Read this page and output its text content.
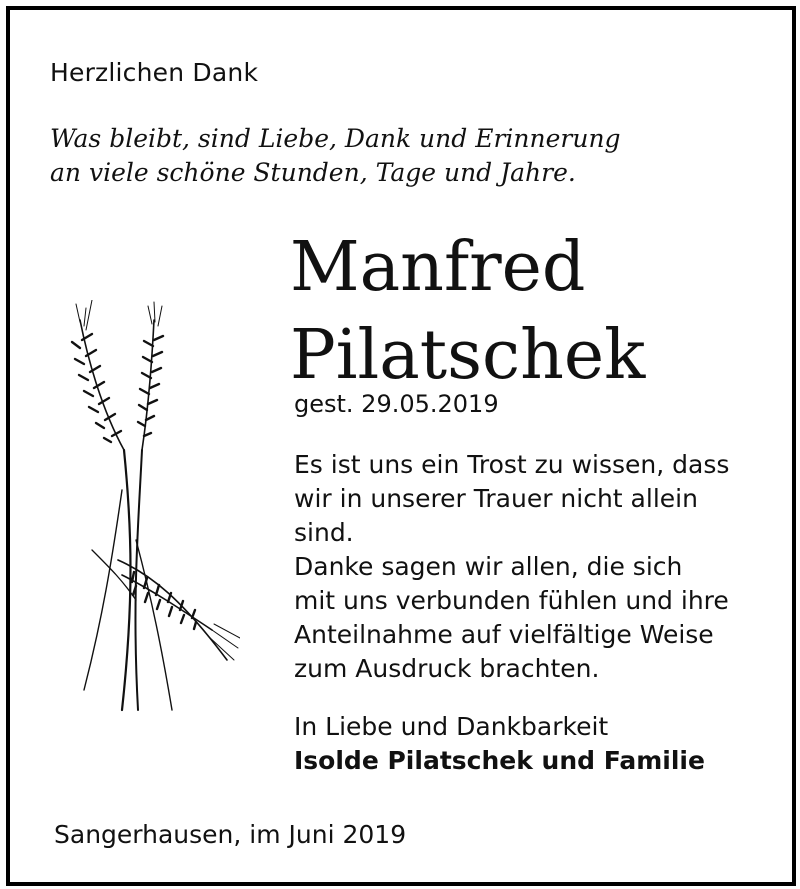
Herzlichen Dank
Was bleibt, sind Liebe, Dank und Erinnerung
an viele schöne Stunden, Tage und Jahre.
Manfred
Pilatschek
gest. 29.05.2019
Es ist uns ein Trost zu wissen, dass
wir in unserer Trauer nicht allein
sind.
Danke sagen wir allen, die sich
mit uns verbunden fühlen und ihre
Anteilnahme auf vielfältige Weise
zum Ausdruck brachten.
In Liebe und Dankbarkeit
Isolde Pilatschek und Familie
Sangerhausen, im Juni 2019
